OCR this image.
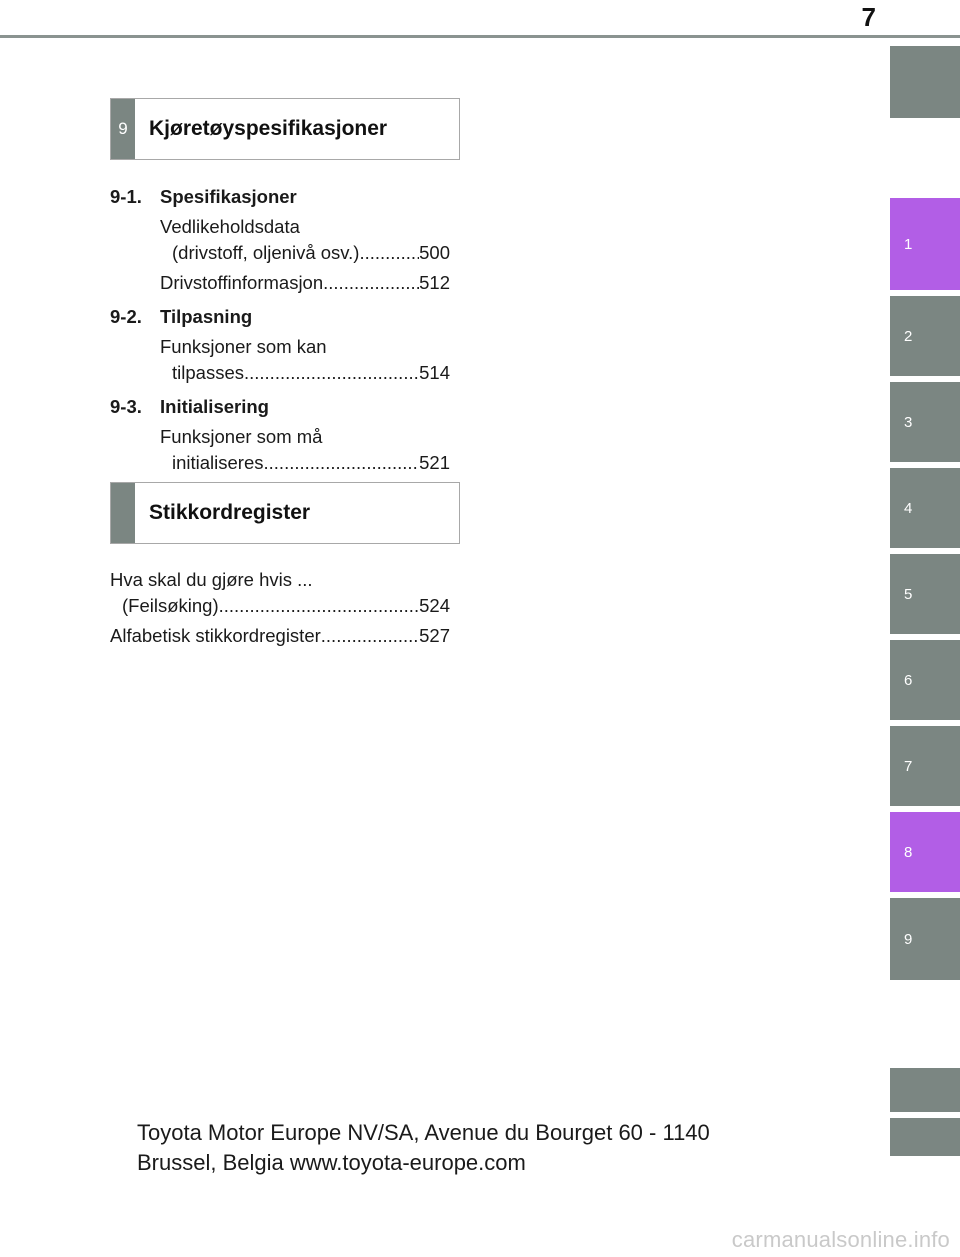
7
1
2
3
4
5
6
7
8
9
9	Kjøretøyspesifikasjoner
9-1. Spesifikasjoner
Vedlikeholdsdata
(drivstoff, oljenivå osv.) .....	500
Drivstoffinformasjon .....	512
9-2. Tilpasning
Funksjoner som kan
tilpasses .....	514
9-3. Initialisering
Funksjoner som må
initialiseres .....	521
Stikkordregister
Hva skal du gjøre hvis ...
(Feilsøking) .....	524
Alfabetisk stikkordregister .....	527
Toyota Motor Europe NV/SA, Avenue du Bourget 60 - 1140
Brussel, Belgia www.toyota-europe.com
carmanualsonline.info
